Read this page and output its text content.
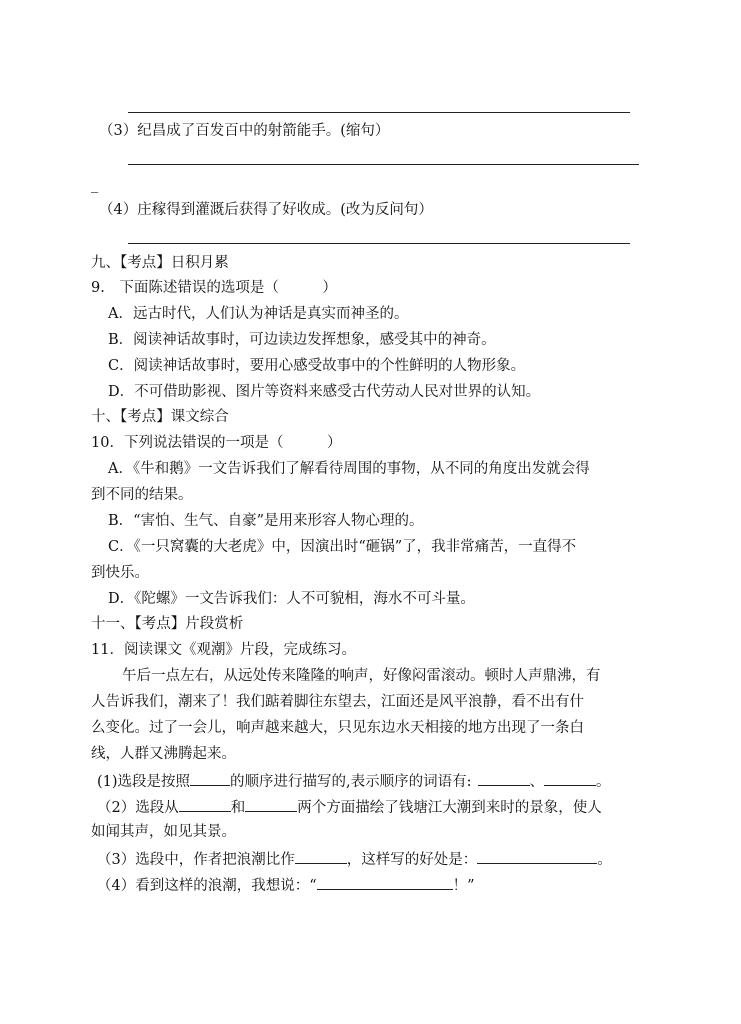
（3）纪昌成了百发百中的射箭能手。(缩句）
_
（4）庄稼得到灌溉后获得了好收成。(改为反问句）
九、【考点】日积月累
9.　下面陈述错误的选项是（　　　）
A．远古时代，人们认为神话是真实而神圣的。
B．阅读神话故事时，可边读边发挥想象，感受其中的神奇。
C．阅读神话故事时，要用心感受故事中的个性鲜明的人物形象。
D．不可借助影视、图片等资料来感受古代劳动人民对世界的认知。
十、【考点】课文综合
10．下列说法错误的一项是（　　　）
A．《牛和鹅》一文告诉我们了解看待周围的事物，从不同的角度出发就会得
到不同的结果。
B．“害怕、生气、自豪”是用来形容人物心理的。
C．《一只窝囊的大老虎》中，因演出时“砸锅”了，我非常痛苦，一直得不
到快乐。
D．《陀螺》一文告诉我们：人不可貌相，海水不可斗量。
十一、【考点】片段赏析
11．阅读课文《观潮》片段，完成练习。
午后一点左右，从远处传来隆隆的响声，好像闷雷滚动。顿时人声鼎沸，有
人告诉我们，潮来了！我们踮着脚往东望去，江面还是风平浪静，看不出有什
么变化。过了一会儿，响声越来越大，只见东边水天相接的地方出现了一条白
线，人群又沸腾起来。
(1)选段是按照	的顺序进行描写的,表示顺序的词语有:	、	。
（2）选段从	和	两个方面描绘了钱塘江大潮到来时的景象，使人
如闻其声，如见其景。
（3）选段中，作者把浪潮比作	，这样写的好处是：	。
（4）看到这样的浪潮，我想说：“	！”
